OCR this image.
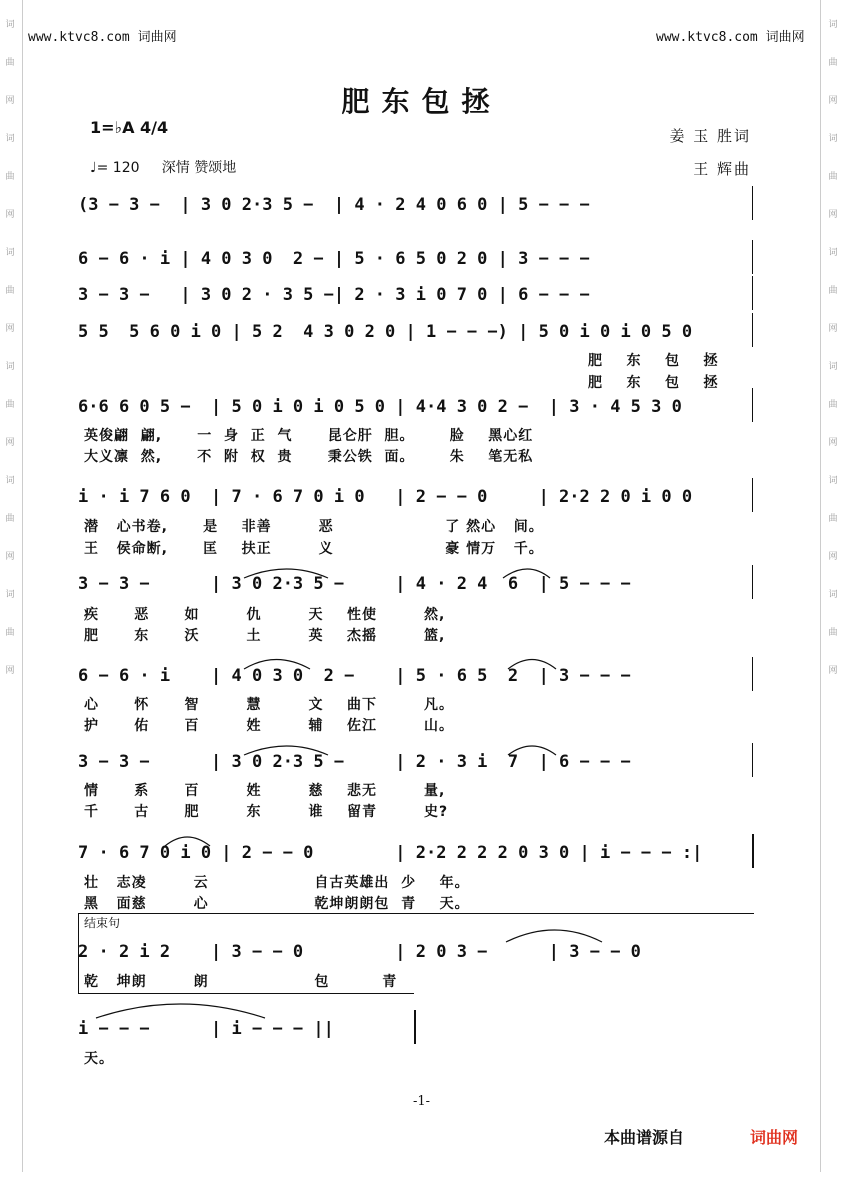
词
曲
网
词
曲
网
词
曲
网
词
曲
网
词
曲
网
词
曲
网
词
曲
网
词
曲
网
词
曲
网
词
曲
网
词
曲
网
词
曲
网
www.ktvc8.com 词曲网	www.ktvc8.com 词曲网
肥东包拯
1=♭A 4/4
♩= 120 深情 赞颂地
姜 玉 胜词
王 辉曲
(3 − 3 −  | 3 0 2·3 5 −  | 4 · 2 4 0 6 0 | 5 − − −
6 − 6 · i | 4 0 3 0  2 − | 5 · 6 5 0 2 0 | 3 − − −
3 − 3 −   | 3 0 2 · 3 5 −| 2 · 3 i 0 7 0 | 6 − − −
5 5  5 6 0 i 0 | 5 2  4 3 0 2 0 | 1 − − −) | 5 0 i 0 i 0 5 0
肥    东    包    拯
肥    东    包    拯
6·6 6 0 5 −  | 5 0 i 0 i 0 5 0 | 4·4 3 0 2 −  | 3 · 4 5 3 0
英俊翩  翩,      一  身  正  气      昆仑肝  胆。      脸    黑心红
大义凛  然,      不  附  权  贵      秉公铁  面。      朱    笔无私
i · i 7 6 0  | 7 · 6 7 0 i 0   | 2 − − 0     | 2·2 2 0 i 0 0
潜   心书卷,      是    非善        恶                   了 然心   间。
王   侯命断,      匡    扶正        义                   豪 情万   千。
3 − 3 −      | 3 0 2·3 5 −     | 4 · 2 4  6  | 5 − − −
疾      恶      如        仇        天    性使        然,
肥      东      沃        土        英    杰摇        篮,
6 − 6 · i    | 4 0 3 0  2 −    | 5 · 6 5  2  | 3 − − −
心      怀      智        慧        文    曲下        凡。
护      佑      百        姓        辅    佐江        山。
3 − 3 −      | 3 0 2·3 5 −     | 2 · 3 i  7  | 6 − − −
情      系      百        姓        慈    悲无        量,
千      古      肥        东        谁    留青        史?
7 · 6 7 0 i 0 | 2 − − 0        | 2·2 2 2 2 0 3 0 | i − − − :|
壮   志凌        云                  自古英雄出  少    年。
黑   面慈        心                  乾坤朗朗包  青    天。
结束句
2 · 2 i 2    | 3 − − 0         | 2 0 3 −      | 3 − − 0
乾   坤朗        朗                  包         青
i − − −      | i − − − ||
天。
-1-
本曲谱源自	词曲网
